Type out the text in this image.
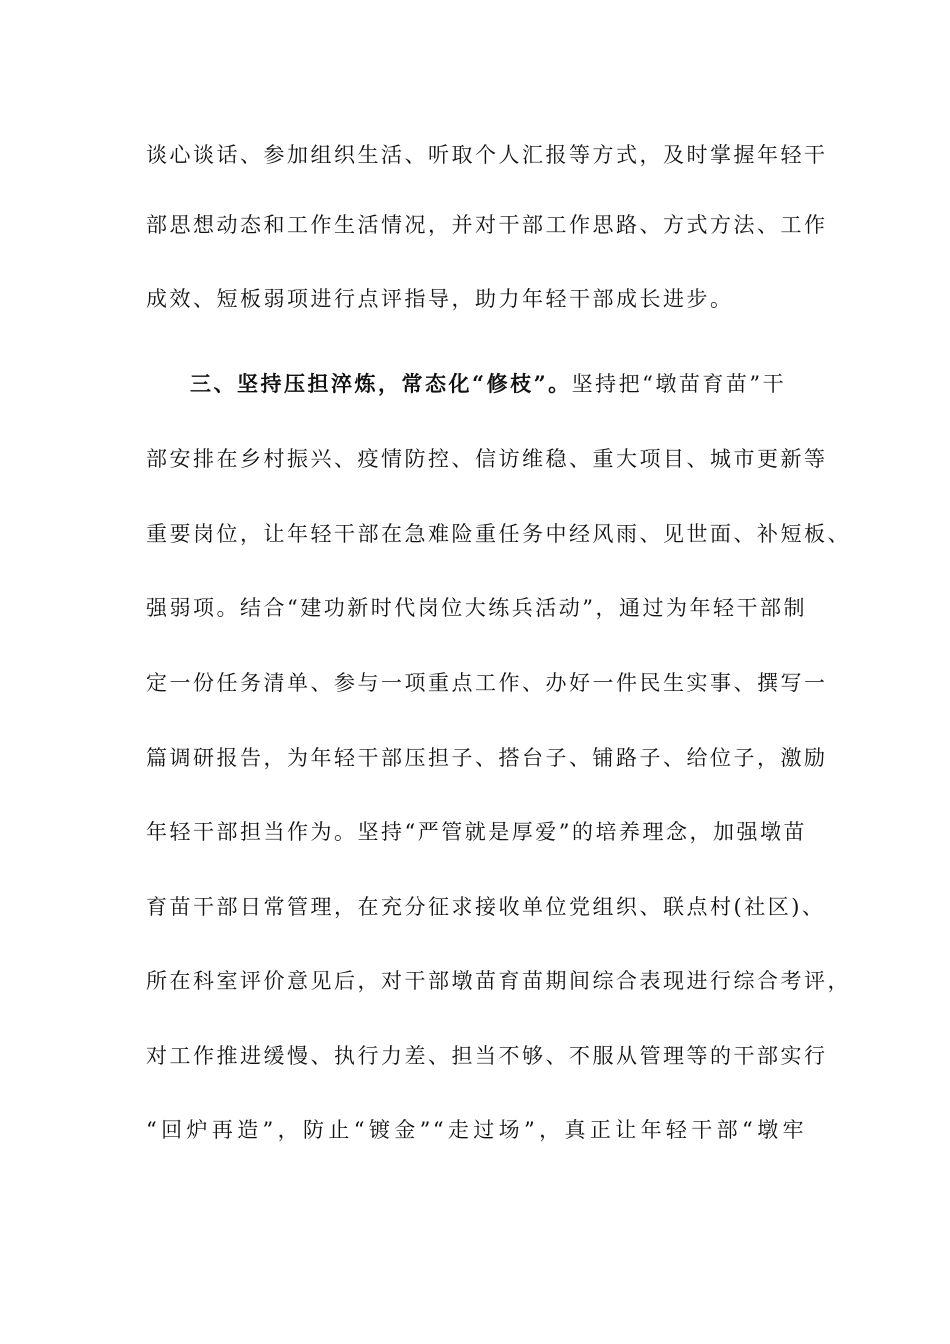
谈心谈话、参加组织生活、听取个人汇报等方式，及时掌握年轻干
部思想动态和工作生活情况，并对干部工作思路、方式方法、工作
成效、短板弱项进行点评指导，助力年轻干部成长进步。
三、坚持压担淬炼，常态化“修枝”。坚持把“墩苗育苗”干
部安排在乡村振兴、疫情防控、信访维稳、重大项目、城市更新等
重要岗位，让年轻干部在急难险重任务中经风雨、见世面、补短板、
强弱项。结合“建功新时代岗位大练兵活动”，通过为年轻干部制
定一份任务清单、参与一项重点工作、办好一件民生实事、撰写一
篇调研报告，为年轻干部压担子、搭台子、铺路子、给位子，激励
年轻干部担当作为。坚持“严管就是厚爱”的培养理念，加强墩苗
育苗干部日常管理，在充分征求接收单位党组织、联点村(社区)、
所在科室评价意见后，对干部墩苗育苗期间综合表现进行综合考评，
对工作推进缓慢、执行力差、担当不够、不服从管理等的干部实行
“回炉再造”，防止“镀金”“走过场”，真正让年轻干部“墩牢
